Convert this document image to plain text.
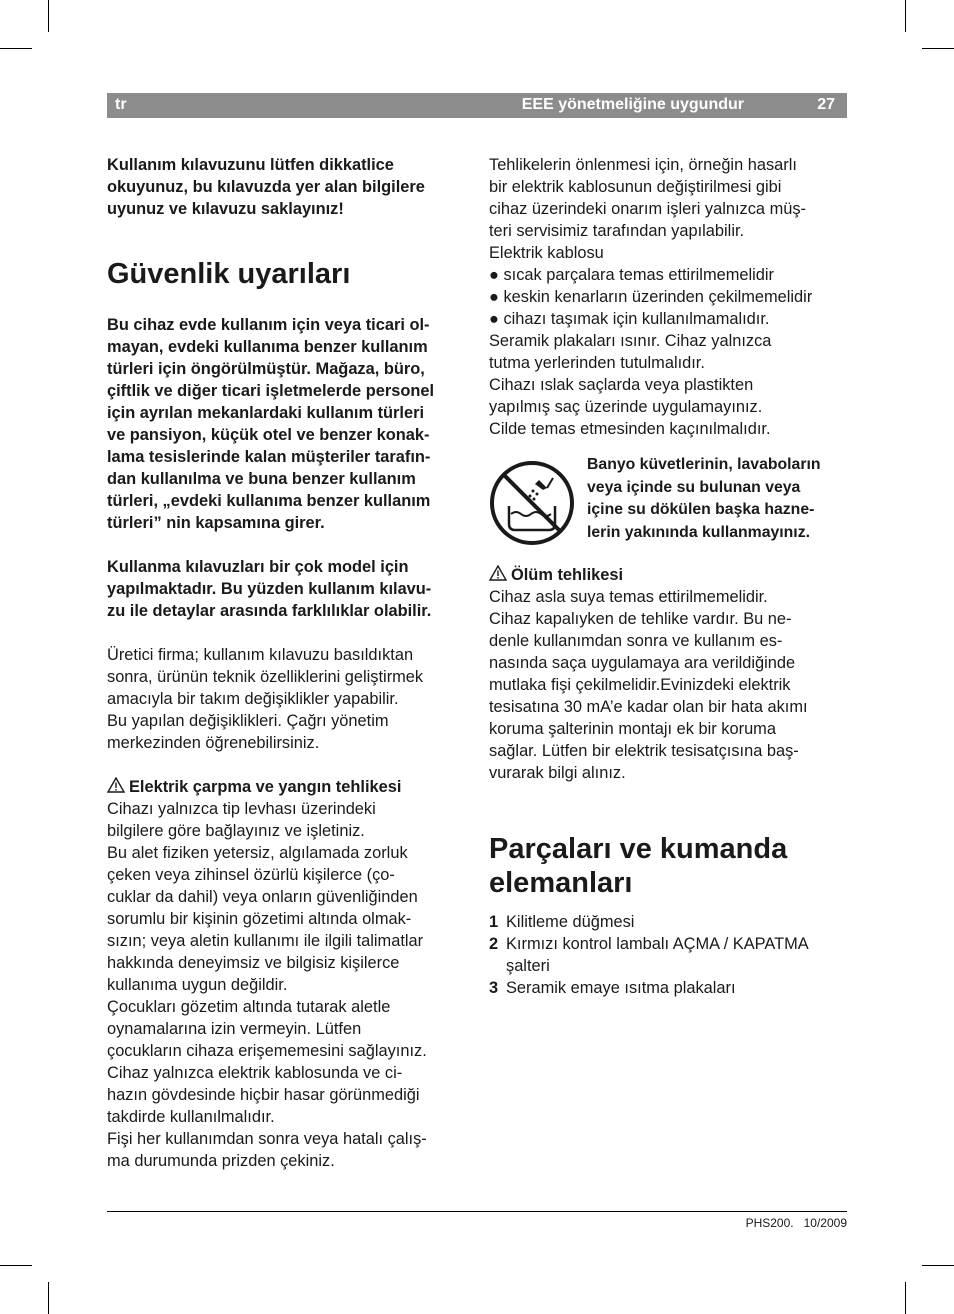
tr	EEE yönetmeliğine uygundur	27

Kullanım kılavuzunu lütfen dikkatlice

okuyunuz, bu kılavuzda yer alan bilgilere

uyunuz ve kılavuzu saklayınız!

Güvenlik uyarıları

Bu cihaz evde kullanım için veya ticari ol-

mayan, evdeki kullanıma benzer kullanım

türleri için öngörülmüştür. Mağaza, büro,

çiftlik ve diğer ticari işletmelerde personel

için ayrılan mekanlardaki kullanım türleri

ve pansiyon, küçük otel ve benzer konak-

lama tesislerinde kalan müşteriler tarafın-

dan kullanılma ve buna benzer kullanım

türleri, „evdeki kullanıma benzer kullanım

türleri” nin kapsamına girer.

Kullanma kılavuzları bir çok model için

yapılmaktadır. Bu yüzden kullanım kılavu-

zu ile detaylar arasında farklılıklar olabilir.

Üretici firma; kullanım kılavuzu basıldıktan

sonra, ürünün teknik özelliklerini geliştirmek

amacıyla bir takım değişiklikler yapabilir.

Bu yapılan değişiklikleri. Çağrı yönetim

merkezinden öğrenebilirsiniz.

Elektrik çarpma ve yangın tehlikesi

Cihazı yalnızca tip levhası üzerindeki

bilgilere göre bağlayınız ve işletiniz.

Bu alet fiziken yetersiz, algılamada zorluk

çeken veya zihinsel özürlü kişilerce (ço-

cuklar da dahil) veya onların güvenliğinden

sorumlu bir kişinin gözetimi altında olmak-

sızın; veya aletin kullanımı ile ilgili talimatlar

hakkında deneyimsiz ve bilgisiz kişilerce

kullanıma uygun değildir.

Çocukları gözetim altında tutarak aletle

oynamalarına izin vermeyin. Lütfen

çocukların cihaza erişememesini sağlayınız.

Cihaz yalnızca elektrik kablosunda ve ci-

hazın gövdesinde hiçbir hasar görünmediği

takdirde kullanılmalıdır.

Fişi her kullanımdan sonra veya hatalı çalış-

ma durumunda prizden çekiniz.

Tehlikelerin önlenmesi için, örneğin hasarlı

bir elektrik kablosunun değiştirilmesi gibi

cihaz üzerindeki onarım işleri yalnızca müş-

teri servisimiz tarafından yapılabilir.

Elektrik kablosu

● sıcak parçalara temas ettirilmemelidir

● keskin kenarların üzerinden çekilmemelidir

● cihazı taşımak için kullanılmamalıdır.

Seramik plakaları ısınır. Cihaz yalnızca

tutma yerlerinden tutulmalıdır.

Cihazı ıslak saçlarda veya plastikten

yapılmış saç üzerinde uygulamayınız.

Cilde temas etmesinden kaçınılmalıdır.

Banyo küvetlerinin, lavaboların

veya içinde su bulunan veya

içine su dökülen başka hazne-

lerin yakınında kullanmayınız.

Ölüm tehlikesi

Cihaz asla suya temas ettirilmemelidir.

Cihaz kapalıyken de tehlike vardır. Bu ne-

denle kullanımdan sonra ve kullanım es-

nasında saça uygulamaya ara verildiğinde

mutlaka fişi çekilmelidir.Evinizdeki elektrik

tesisatına 30 mA’e kadar olan bir hata akımı

koruma şalterinin montajı ek bir koruma

sağlar. Lütfen bir elektrik tesisatçısına baş-

vurarak bilgi alınız.

Parçaları ve kumanda
elemanları
1 Kilitleme düğmesi
2 Kırmızı kontrol lambalı AÇMA / KAPATMA
şalteri
3 Seramik emaye ısıtma plakaları
PHS200. 10/2009
